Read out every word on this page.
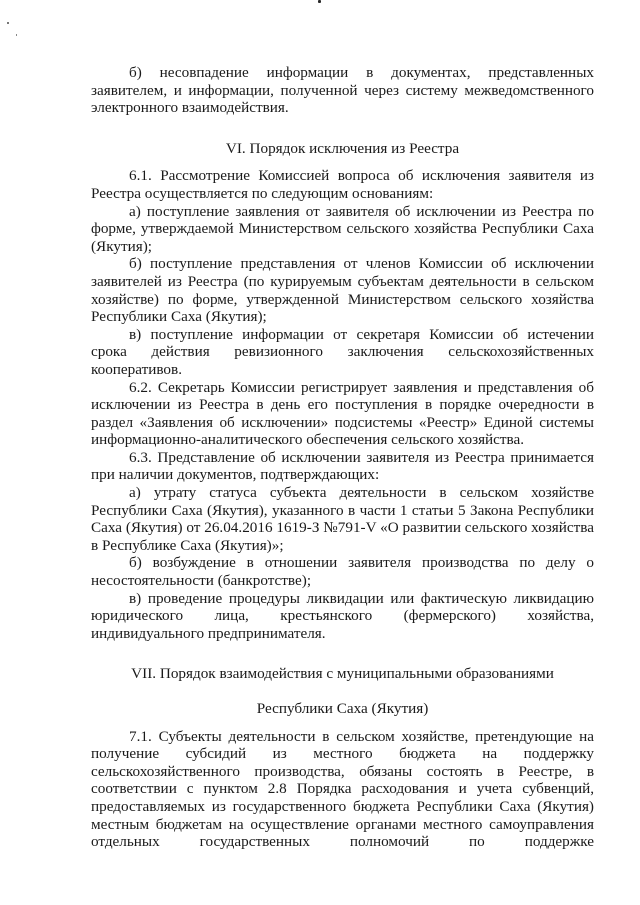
б) несовпадение информации в документах, представленных заявителем, и информации, полученной через систему межведомственного электронного взаимодействия.

VI. Порядок исключения из Реестра

6.1. Рассмотрение Комиссией вопроса об исключения заявителя из Реестра осуществляется по следующим основаниям:

а) поступление заявления от заявителя об исключении из Реестра по форме, утверждаемой Министерством сельского хозяйства Республики Саха (Якутия);

б) поступление представления от членов Комиссии об исключении заявителей из Реестра (по курируемым субъектам деятельности в сельском хозяйстве) по форме, утвержденной Министерством сельского хозяйства Республики Саха (Якутия);

в) поступление информации от секретаря Комиссии об истечении срока действия ревизионного заключения сельскохозяйственных кооперативов.

6.2. Секретарь Комиссии регистрирует заявления и представления об исключении из Реестра в день его поступления в порядке очередности в раздел «Заявления об исключении» подсистемы «Реестр» Единой системы информационно-аналитического обеспечения сельского хозяйства.

6.3. Представление об исключении заявителя из Реестра принимается при наличии документов, подтверждающих:

а) утрату статуса субъекта деятельности в сельском хозяйстве Республики Саха (Якутия), указанного в части 1 статьи 5 Закона Республики Саха (Якутия) от 26.04.2016 1619-З №791-V «О развитии сельского хозяйства в Республике Саха (Якутия)»;

б) возбуждение в отношении заявителя производства по делу о несостоятельности (банкротстве);

в) проведение процедуры ликвидации или фактическую ликвидацию юридического лица, крестьянского (фермерского) хозяйства, индивидуального предпринимателя.

VII. Порядок взаимодействия с муниципальными образованиями

Республики Саха (Якутия)

7.1. Субъекты деятельности в сельском хозяйстве, претендующие на получение субсидий из местного бюджета на поддержку сельскохозяйственного производства, обязаны состоять в Реестре, в соответствии с пунктом 2.8 Порядка расходования и учета субвенций, предоставляемых из государственного бюджета Республики Саха (Якутия) местным бюджетам на осуществление органами местного самоуправления отдельных государственных полномочий по поддержке
